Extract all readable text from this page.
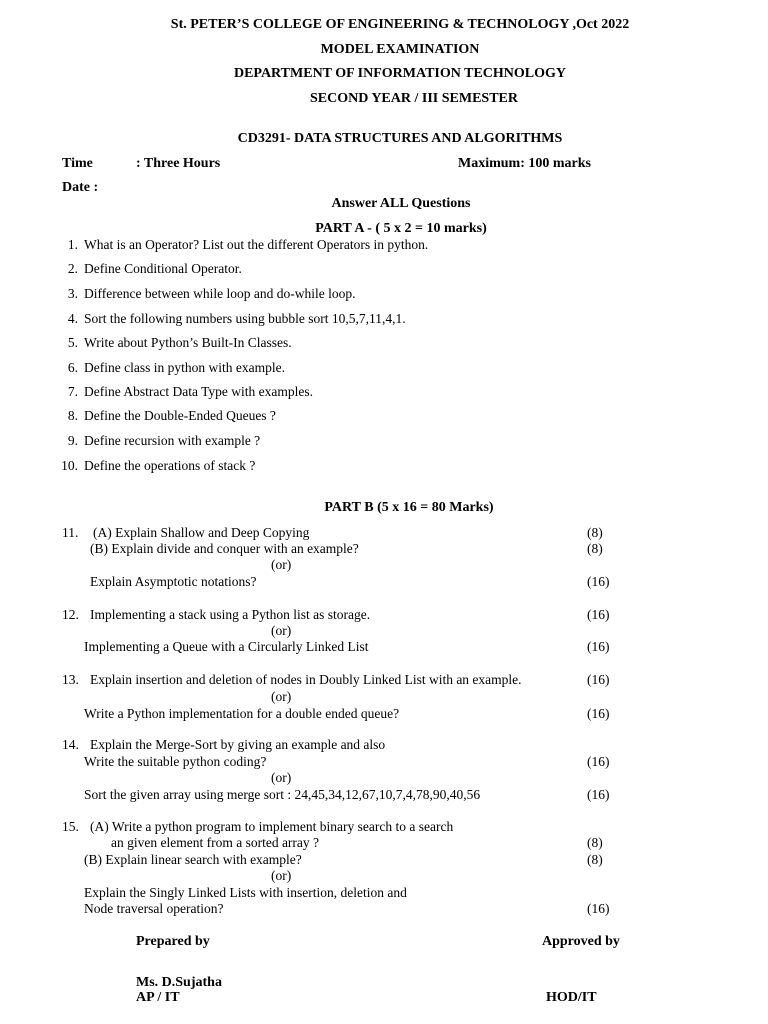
St. PETER’S COLLEGE OF ENGINEERING & TECHNOLOGY ,Oct 2022
MODEL EXAMINATION
DEPARTMENT OF INFORMATION TECHNOLOGY
SECOND YEAR / III SEMESTER
CD3291- DATA STRUCTURES AND ALGORITHMS
Time	: Three Hours	Maximum: 100 marks
Date :
Answer ALL Questions
PART A - ( 5 x 2 = 10 marks)
1. What is an Operator? List out the different Operators in python.
2. Define Conditional Operator.
3. Difference between while loop and do-while loop.
4. Sort the following numbers using bubble sort 10,5,7,11,4,1.
5. Write about Python’s Built-In Classes.
6. Define class in python with example.
7. Define Abstract Data Type with examples.
8. Define the Double-Ended Queues ?
9. Define recursion with example ?
10. Define the operations of stack ?
PART B (5 x 16 = 80 Marks)
11. (A) Explain Shallow and Deep Copying	(8)
(B) Explain divide and conquer with an example?	(8)
(or)
Explain Asymptotic notations?	(16)
12. Implementing a stack using a Python list as storage.	(16)
(or)
Implementing a Queue with a Circularly Linked List	(16)
13. Explain insertion and deletion of nodes in Doubly Linked List with an example.	(16)
(or)
Write a Python implementation for a double ended queue?	(16)
14. Explain the Merge-Sort by giving an example and also
Write the suitable python coding?	(16)
(or)
Sort the given array using merge sort : 24,45,34,12,67,10,7,4,78,90,40,56	(16)
15. (A) Write a python program to implement binary search to a search
an given element from a sorted array ?	(8)
(B) Explain linear search with example?	(8)
(or)
Explain the Singly Linked Lists with insertion, deletion and
Node traversal operation?	(16)
Prepared by	Approved by
Ms. D.Sujatha
AP / IT	HOD/IT
